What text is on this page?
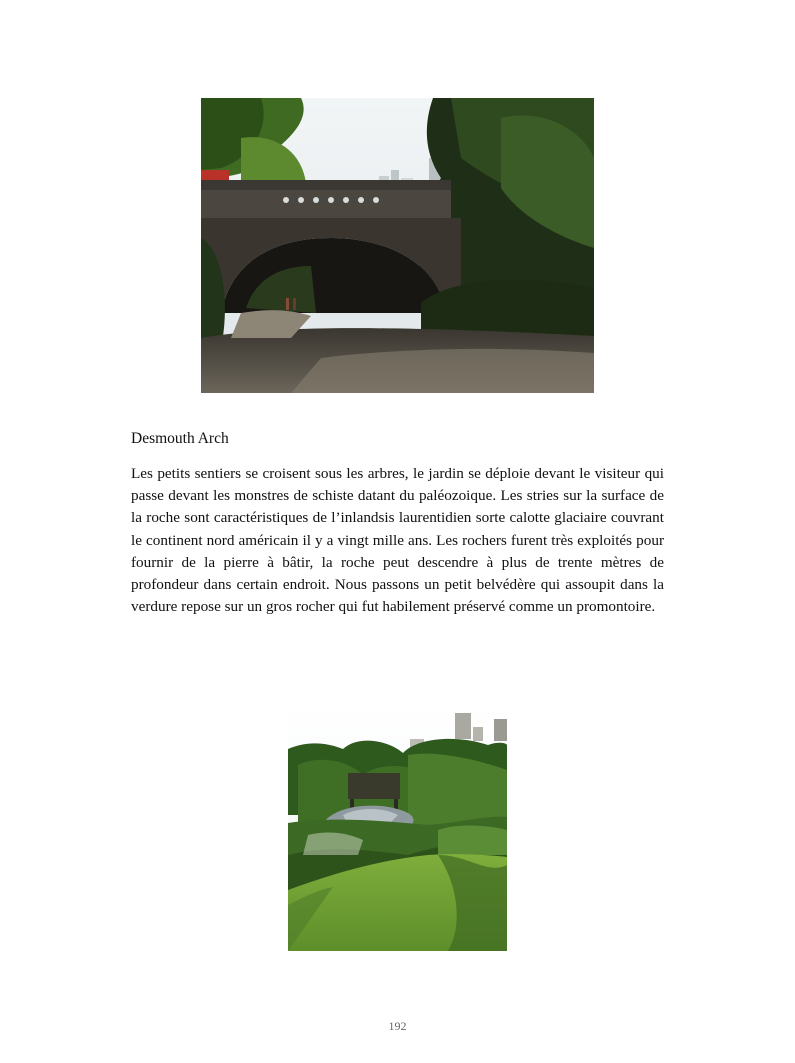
Desmouth Arch

Les petits sentiers se croisent sous les arbres, le jardin se déploie devant le visiteur qui passe devant les monstres de schiste datant du paléozoique. Les stries sur la surface de la roche sont caractéristiques de l’inlandsis laurentidien sorte calotte glaciaire couvrant le continent nord américain il y a vingt mille ans. Les rochers furent très exploités pour fournir de la pierre à bâtir, la roche peut descendre à plus de trente mètres de profondeur dans certain endroit. Nous passons un petit belvédère qui assoupit dans la verdure repose sur un gros rocher qui fut habilement préservé comme un promontoire.

192
